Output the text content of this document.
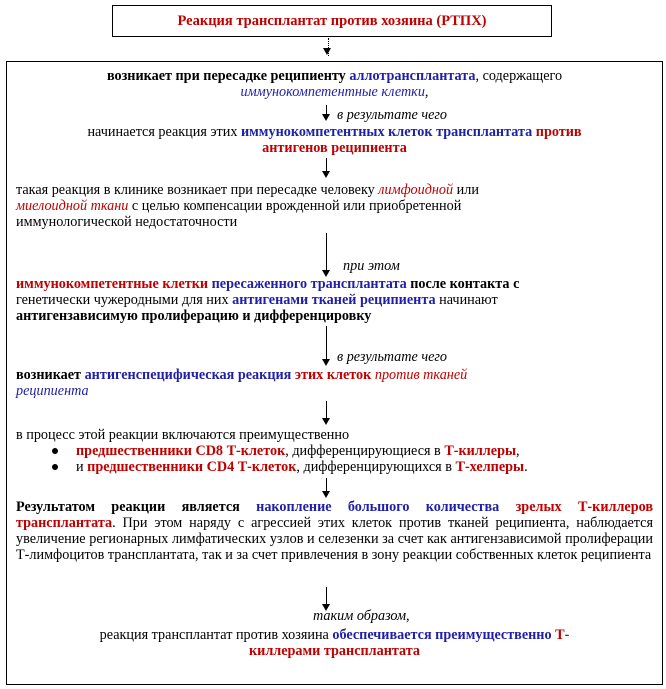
Реакция трансплантат против хозяина (РТПХ)
возникает при пересадке реципиенту аллотрансплантата, содержащего
иммунокомпетентные клетки,
в результате чего
начинается реакция этих иммунокомпетентных клеток трансплантата против
антигенов реципиента
такая реакция в клинике возникает при пересадке человеку лимфоидной или
миелоидной ткани с целью компенсации врожденной или приобретенной
иммунологической недостаточности
при этом
иммунокомпетентные клетки пересаженного трансплантата после контакта с
генетически чужеродными для них антигенами тканей реципиента начинают
антигензависимую пролиферацию и дифференцировку
в результате чего
возникает антигенспецифическая реакция этих клеток против тканей
реципиента
в процесс этой реакции включаются преимущественно
предшественники CD8 Т-клеток, дифференцирующиеся в Т-киллеры,
и предшественники CD4 Т-клеток, дифференцирующихся в Т-хелперы.
Результатом реакции является накопление большого количества зрелых Т-киллеров трансплантата. При этом наряду с агрессией этих клеток против тканей реципиента, наблюдается увеличение регионарных лимфатических узлов и селезенки за счет как антигензависимой пролиферации Т-лимфоцитов трансплантата, так и за счет привлечения в зону реакции собственных клеток реципиента
таким образом,
реакция трансплантат против хозяина обеспечивается преимущественно Т-
киллерами трансплантата
